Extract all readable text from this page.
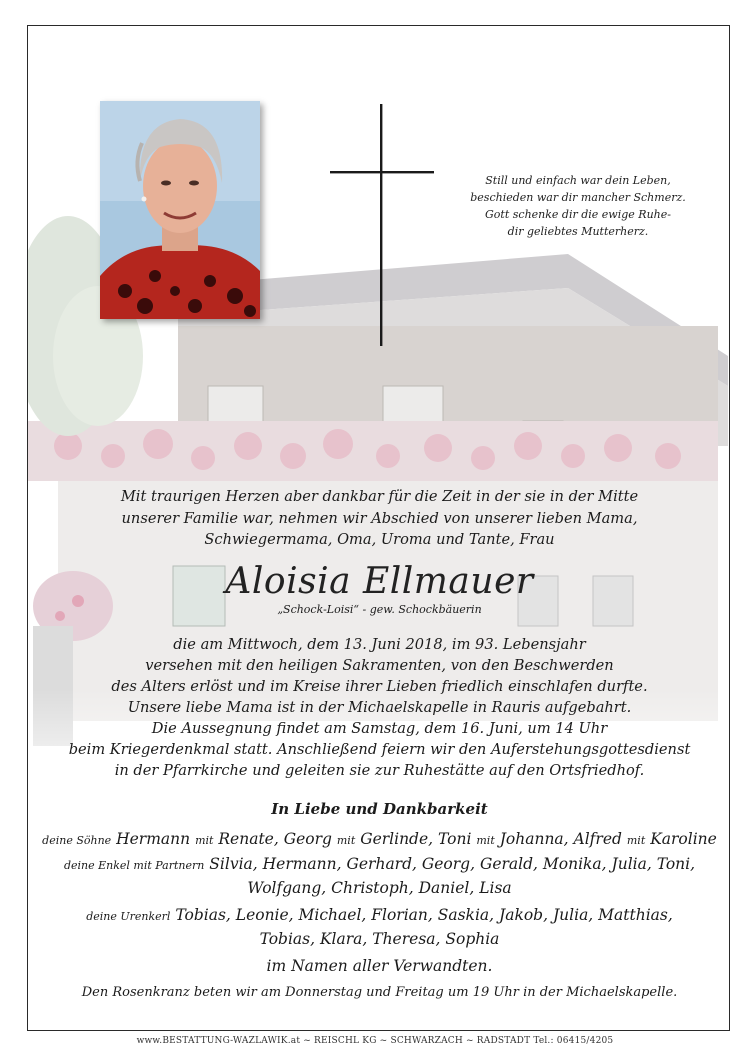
Still und einfach war dein Leben,
beschieden war dir mancher Schmerz.
Gott schenke dir die ewige Ruhe-
dir geliebtes Mutterherz.
Mit traurigen Herzen aber dankbar für die Zeit in der sie in der Mitte
unserer Familie war, nehmen wir Abschied von unserer lieben Mama,
Schwiegermama, Oma, Uroma und Tante, Frau
Aloisia Ellmauer
„Schock-Loisi“ - gew. Schockbäuerin
die am Mittwoch, dem 13. Juni 2018, im 93. Lebensjahr
versehen mit den heiligen Sakramenten, von den Beschwerden
des Alters erlöst und im Kreise ihrer Lieben friedlich einschlafen durfte.
Unsere liebe Mama ist in der Michaelskapelle in Rauris aufgebahrt.
Die Aussegnung findet am Samstag, dem 16. Juni, um 14 Uhr
beim Kriegerdenkmal statt. Anschließend feiern wir den Auferstehungsgottesdienst
in der Pfarrkirche und geleiten sie zur Ruhestätte auf den Ortsfriedhof.
In Liebe und Dankbarkeit
deine Söhne Hermann mit Renate, Georg mit Gerlinde, Toni mit Johanna, Alfred mit Karoline
deine Enkel mit Partnern Silvia, Hermann, Gerhard, Georg, Gerald, Monika, Julia, Toni,
Wolfgang, Christoph, Daniel, Lisa
deine Urenkerl Tobias, Leonie, Michael, Florian, Saskia, Jakob, Julia, Matthias,
Tobias, Klara, Theresa, Sophia
im Namen aller Verwandten.
Den Rosenkranz beten wir am Donnerstag und Freitag um 19 Uhr in der Michaelskapelle.
www.BESTATTUNG-WAZLAWIK.at ~ REISCHL KG ~ SCHWARZACH ~ RADSTADT Tel.: 06415/4205
